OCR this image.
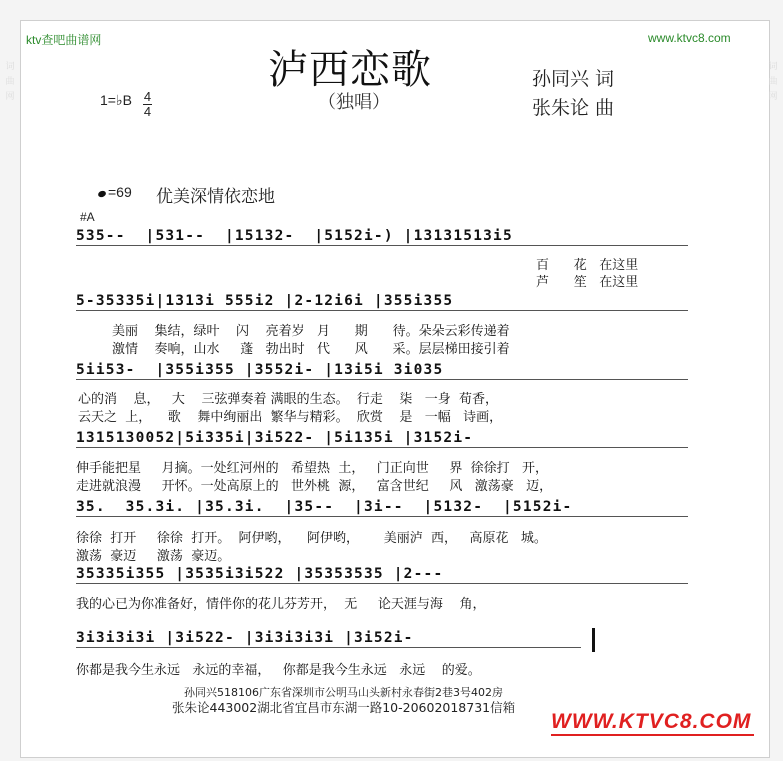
词曲网
词曲网
ktv查吧曲谱网	www.ktvc8.com
泸西恋歌
（独唱）
孙同兴 词
张朱论 曲
1=♭B 4
4
=69 优美深情依恋地
#A
535--  |531--  |15132-  |5152i-) |13131513i5
百      花   在这里
芦      笙   在这里
5-35335i|1313i 555i2 |2-12i6i |355i355
美丽    集结，绿叶    闪    亮着岁   月      期      待。朵朵云彩传递着
激情    奏响，山水     蓬   勃出时   代      风      采。层层梯田接引着
5ii53-  |355i355 |3552i- |13i5i 3i035
心的消    息，   大    三弦弹奏着 满眼的生态。  行走    柒   一身  荀香，
云天之  上，    歌    舞中绚丽出  繁华与精彩。  欣赏    是   一幅   诗画，
1315130052|5i335i|3i522- |5i135i |3152i-
伸手能把星     月摘。一处红河州的   希望热  土，   门正向世     界  徐徐打   开，
走进就浪漫     开怀。一处高原上的   世外桃  源，   富含世纪     风   激荡豪   迈，
35.  35.3i. |35.3i.  |35--  |3i--  |5132-  |5152i-
徐徐  打开     徐徐  打开。  阿伊哟，    阿伊哟，      美丽泸  西，   高原花   城。
激荡  豪迈     激荡  豪迈。
35335i355 |3535i3i522 |35353535 |2---
我的心已为你准备好，情伴你的花儿芬芳开，  无     论天涯与海    角，
3i3i3i3i |3i522- |3i3i3i3i |3i52i-
你都是我今生永远   永远的幸福，   你都是我今生永远   永远    的爱。
孙同兴518106广东省深圳市公明马山头新村永春街2巷3号402房
张朱论443002湖北省宜昌市东湖一路10-2060201873​1信箱
WWW.KTVC8.COM
